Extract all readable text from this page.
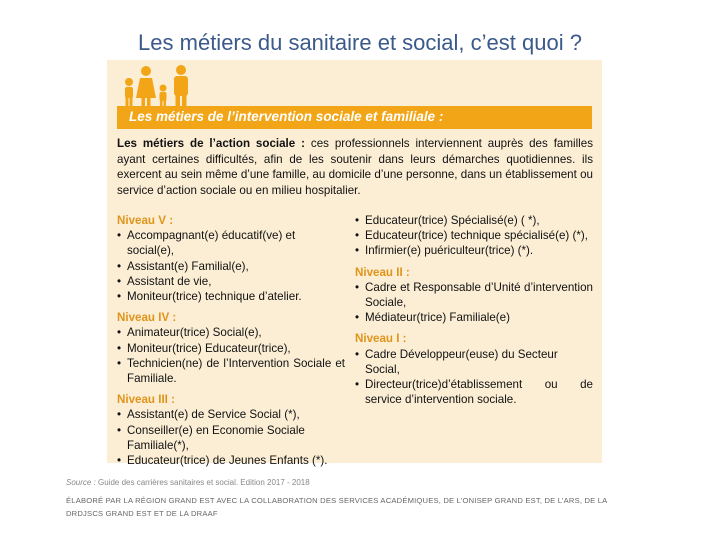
Les métiers du sanitaire et social, c’est quoi ?
Les métiers de l’intervention sociale et familiale :
Les métiers de l’action sociale : ces professionnels interviennent auprès des familles ayant certaines difficultés, afin de les soutenir dans leurs démarches quotidiennes. ils exercent au sein même d’une famille, au domicile d’une personne, dans un établissement ou service d’action sociale ou en milieu hospitalier.
Niveau V :
• Accompagnant(e) éducatif(ve) et social(e),
• Assistant(e) Familial(e),
• Assistant de vie,
• Moniteur(trice) technique d’atelier.
Niveau IV :
• Animateur(trice) Social(e),
• Moniteur(trice) Educateur(trice),
• Technicien(ne) de l’Intervention Sociale et Familiale.
Niveau III :
• Assistant(e) de Service Social (*),
• Conseiller(e) en Economie Sociale Familiale(*),
• Educateur(trice) de Jeunes Enfants (*).
• Educateur(trice) Spécialisé(e) ( *),
• Educateur(trice) technique spécialisé(e) (*),
• Infirmier(e) puériculteur(trice) (*).
Niveau II :
• Cadre et Responsable d’Unité d’intervention Sociale,
• Médiateur(trice) Familiale(e)
Niveau I :
• Cadre Développeur(euse) du Secteur Social,
• Directeur(trice)d’établissement ou de service d’intervention sociale.
Source : Guide des carrières sanitaires et social. Edition 2017 - 2018
ÉLABORÉ PAR LA RÉGION GRAND EST AVEC LA COLLABORATION DES SERVICES ACADÉMIQUES, DE L’ONISEP GRAND EST, DE L’ARS, DE LA
DRDJSCS GRAND EST ET DE LA DRAAF
